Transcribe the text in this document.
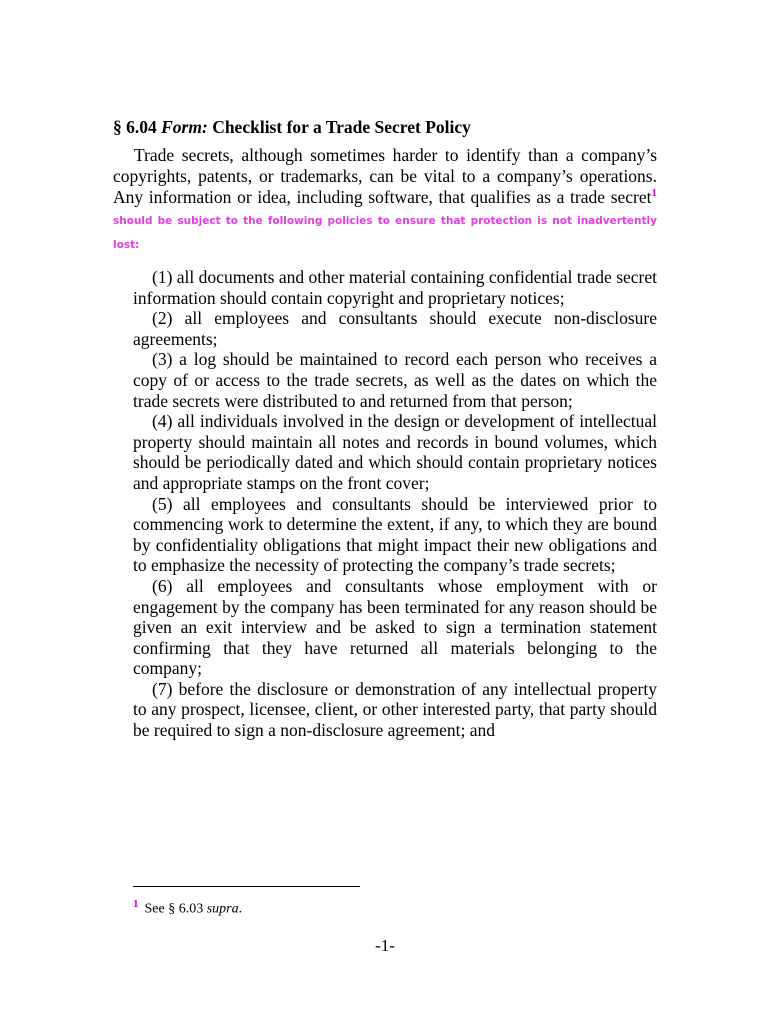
§ 6.04 Form: Checklist for a Trade Secret Policy

Trade secrets, although sometimes harder to identify than a company’s copyrights, patents, or trademarks, can be vital to a company’s operations. Any information or idea, including software, that qualifies as a trade secret$^1$ should be subject to the following policies to ensure that protection is not inadvertently lost:

(1) all documents and other material containing confidential trade secret information should contain copyright and proprietary notices;

(2) all employees and consultants should execute non-disclosure agreements;

(3) a log should be maintained to record each person who receives a copy of or access to the trade secrets, as well as the dates on which the trade secrets were distributed to and returned from that person;

(4) all individuals involved in the design or development of intellectual property should maintain all notes and records in bound volumes, which should be periodically dated and which should contain proprietary notices and appropriate stamps on the front cover;

(5) all employees and consultants should be interviewed prior to commencing work to determine the extent, if any, to which they are bound by confidentiality obligations that might impact their new obligations and to emphasize the necessity of protecting the company’s trade secrets;

(6) all employees and consultants whose employment with or engagement by the company has been terminated for any reason should be given an exit interview and be asked to sign a termination statement confirming that they have returned all materials belonging to the company;

(7) before the disclosure or demonstration of any intellectual property to any prospect, licensee, client, or other interested party, that party should be required to sign a non-disclosure agreement; and

$^1$ See § 6.03 supra.
-1-
